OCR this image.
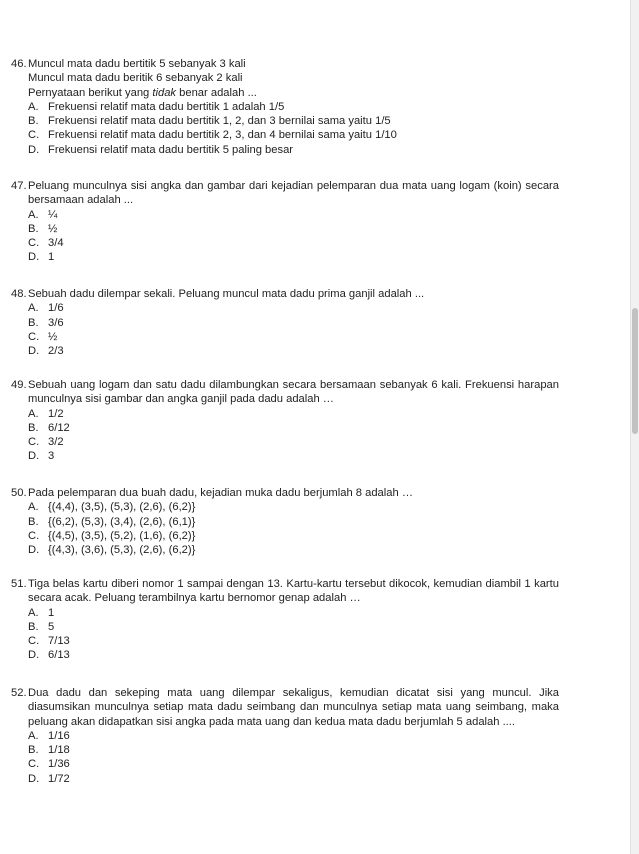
46. Muncul mata dadu bertitik 5 sebanyak 3 kali
Muncul mata dadu beritik 6 sebanyak 2 kali
Pernyataan berikut yang tidak benar adalah ...
A. Frekuensi relatif mata dadu bertitik 1 adalah 1/5
B. Frekuensi relatif mata dadu bertitik 1, 2, dan 3 bernilai sama yaitu 1/5
C. Frekuensi relatif mata dadu bertitik 2, 3, dan 4 bernilai sama yaitu 1/10
D. Frekuensi relatif mata dadu bertitik 5 paling besar
47. Peluang munculnya sisi angka dan gambar dari kejadian pelemparan dua mata uang logam (koin) secara bersamaan adalah ...
A. ¼
B. ½
C. 3/4
D. 1
48. Sebuah dadu dilempar sekali. Peluang muncul mata dadu prima ganjil adalah ...
A. 1/6
B. 3/6
C. ½
D. 2/3
49. Sebuah uang logam dan satu dadu dilambungkan secara bersamaan sebanyak 6 kali. Frekuensi harapan munculnya sisi gambar dan angka ganjil pada dadu adalah …
A. 1/2
B. 6/12
C. 3/2
D. 3
50. Pada pelemparan dua buah dadu, kejadian muka dadu berjumlah 8 adalah …
A. {(4,4), (3,5), (5,3), (2,6), (6,2)}
B. {(6,2), (5,3), (3,4), (2,6), (6,1)}
C. {(4,5), (3,5), (5,2), (1,6), (6,2)}
D. {(4,3), (3,6), (5,3), (2,6), (6,2)}
51. Tiga belas kartu diberi nomor 1 sampai dengan 13. Kartu-kartu tersebut dikocok, kemudian diambil 1 kartu secara acak. Peluang terambilnya kartu bernomor genap adalah …
A. 1
B. 5
C. 7/13
D. 6/13
52. Dua dadu dan sekeping mata uang dilempar sekaligus, kemudian dicatat sisi yang muncul. Jika diasumsikan munculnya setiap mata dadu seimbang dan munculnya setiap mata uang seimbang, maka peluang akan didapatkan sisi angka pada mata uang dan kedua mata dadu berjumlah 5 adalah ....
A. 1/16
B. 1/18
C. 1/36
D. 1/72
